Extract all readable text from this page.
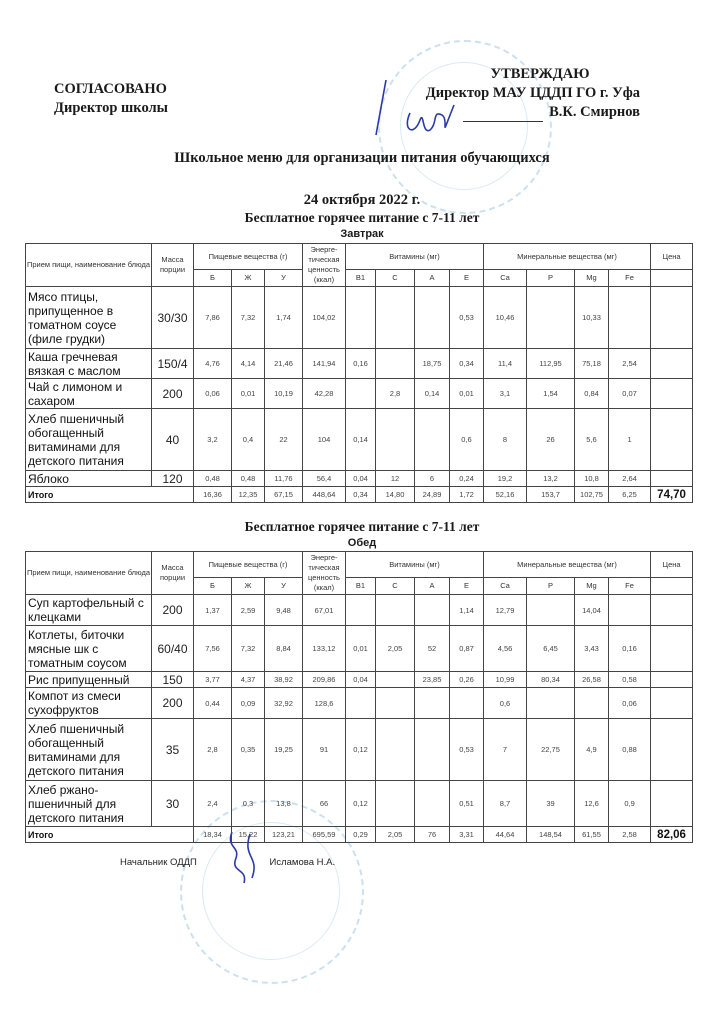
СОГЛАСОВАНО
Директор школы
УТВЕРЖДАЮ
Директор МАУ ЦДДП ГО г. Уфа
В.К. Смирнов
Школьное меню для организации питания обучающихся
24 октября 2022 г.
Бесплатное горячее питание с 7-11 лет
Завтрак
Прием пищи, наименование блюда	Масса порции	Пищевые вещества (г)			Энерге-тическая ценность (ккал)	Витамины (мг)				Минеральные вещества (мг)				Цена
		Б	Ж	У		В1	С	А	Е	Ca	P	Mg	Fe	
Мясо птицы, припущенное в томатном соусе (филе грудки)	30/30	7,86	7,32	1,74	104,02				0,53	10,46		10,33		
Каша гречневая вязкая с маслом	150/4	4,76	4,14	21,46	141,94	0,16		18,75	0,34	11,4	112,95	75,18	2,54	
Чай с лимоном и сахаром	200	0,06	0,01	10,19	42,28		2,8	0,14	0,01	3,1	1,54	0,84	0,07	
Хлеб пшеничный обогащенный витаминами для детского питания	40	3,2	0,4	22	104	0,14			0,6	8	26	5,6	1	
Яблоко	120	0,48	0,48	11,76	56,4	0,04	12	6	0,24	19,2	13,2	10,8	2,64	
Итого		16,36	12,35	67,15	448,64	0,34	14,80	24,89	1,72	52,16	153,7	102,75	6,25	74,70
Бесплатное горячее питание с 7-11 лет
Обед
Прием пищи, наименование блюда	Масса порции	Пищевые вещества (г)			Энерге-тическая ценность (ккал)	Витамины (мг)				Минеральные вещества (мг)				Цена
		Б	Ж	У		В1	С	А	Е	Ca	P	Mg	Fe	
Суп картофельный с клецками	200	1,37	2,59	9,48	67,01				1,14	12,79		14,04		
Котлеты, биточки мясные шк с томатным соусом	60/40	7,56	7,32	8,84	133,12	0,01	2,05	52	0,87	4,56	6,45	3,43	0,16	
Рис припущенный	150	3,77	4,37	38,92	209,86	0,04		23,85	0,26	10,99	80,34	26,58	0,58	
Компот из смеси сухофруктов	200	0,44	0,09	32,92	128,6					0,6			0,06	
Хлеб пшеничный обогащенный витаминами для детского питания	35	2,8	0,35	19,25	91	0,12			0,53	7	22,75	4,9	0,88	
Хлеб ржано-пшеничный для детского питания	30	2,4	0,3	13,8	66	0,12			0,51	8,7	39	12,6	0,9	
Итого		18,34	15,22	123,21	695,59	0,29	2,05	76	3,31	44,64	148,54	61,55	2,58	82,06
Начальник ОДДП	Исламова Н.А.
